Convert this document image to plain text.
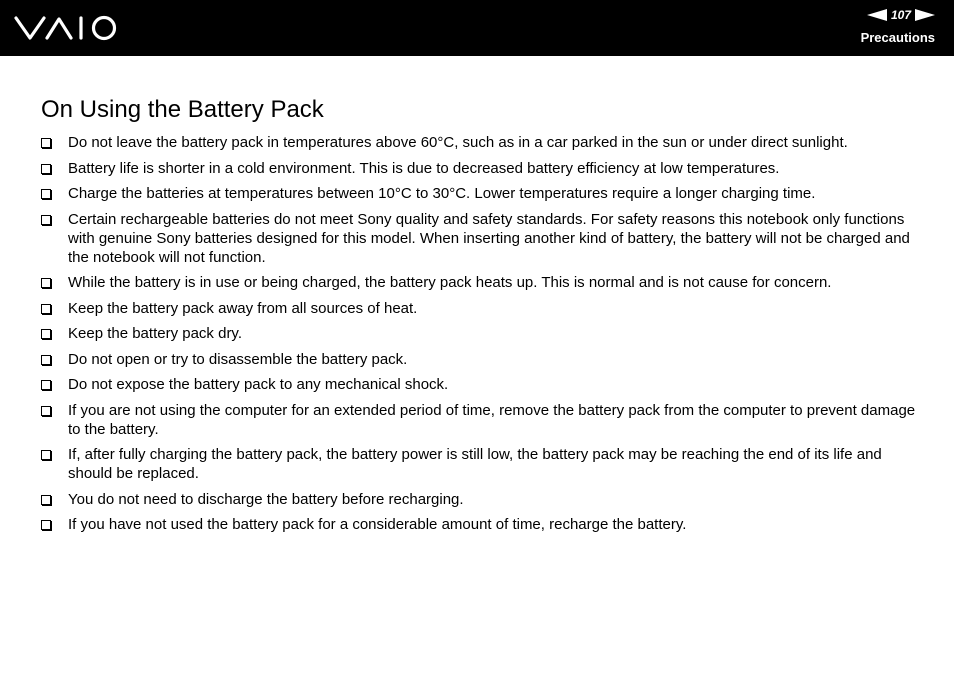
107
Precautions
On Using the Battery Pack
Do not leave the battery pack in temperatures above 60°C, such as in a car parked in the sun or under direct sunlight.
Battery life is shorter in a cold environment. This is due to decreased battery efficiency at low temperatures.
Charge the batteries at temperatures between 10°C to 30°C. Lower temperatures require a longer charging time.
Certain rechargeable batteries do not meet Sony quality and safety standards. For safety reasons this notebook only functions with genuine Sony batteries designed for this model. When inserting another kind of battery, the battery will not be charged and the notebook will not function.
While the battery is in use or being charged, the battery pack heats up. This is normal and is not cause for concern.
Keep the battery pack away from all sources of heat.
Keep the battery pack dry.
Do not open or try to disassemble the battery pack.
Do not expose the battery pack to any mechanical shock.
If you are not using the computer for an extended period of time, remove the battery pack from the computer to prevent damage to the battery.
If, after fully charging the battery pack, the battery power is still low, the battery pack may be reaching the end of its life and should be replaced.
You do not need to discharge the battery before recharging.
If you have not used the battery pack for a considerable amount of time, recharge the battery.
